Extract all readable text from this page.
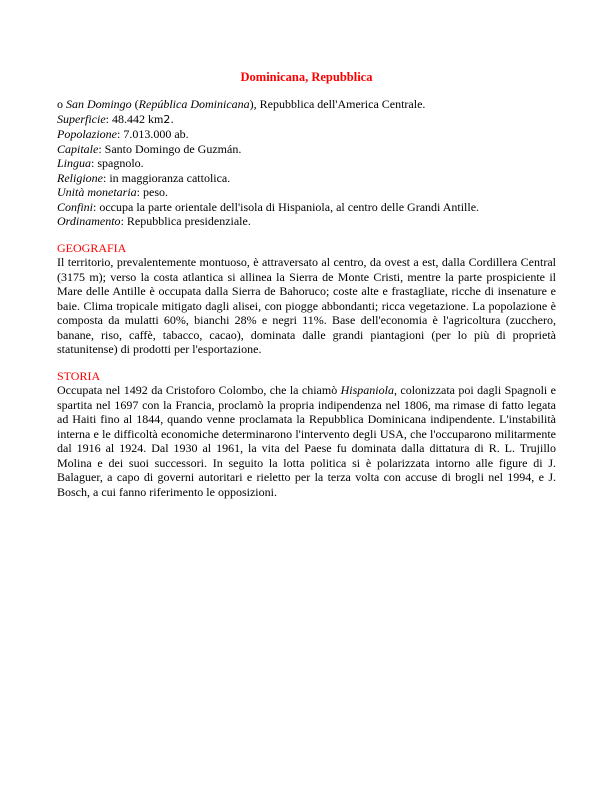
Dominicana, Repubblica

o San Domingo (República Dominicana), Repubblica dell'America Centrale.

Superficie: 48.442 km2.

Popolazione: 7.013.000 ab.

Capitale: Santo Domingo de Guzmán.

Lingua: spagnolo.

Religione: in maggioranza cattolica.

Unità monetaria: peso.

Confini: occupa la parte orientale dell'isola di Hispaniola, al centro delle Grandi Antille.

Ordinamento: Repubblica presidenziale.

GEOGRAFIA

Il territorio, prevalentemente montuoso, è attraversato al centro, da ovest a est, dalla Cordillera Central (3175 m); verso la costa atlantica si allinea la Sierra de Monte Cristi, mentre la parte prospiciente il Mare delle Antille è occupata dalla Sierra de Bahoruco; coste alte e frastagliate, ricche di insenature e baie. Clima tropicale mitigato dagli alisei, con piogge abbondanti; ricca vegetazione. La popolazione è composta da mulatti 60%, bianchi 28% e negri 11%. Base dell'economia è l'agricoltura (zucchero, banane, riso, caffè, tabacco, cacao), dominata dalle grandi piantagioni (per lo più di proprietà statunitense) di prodotti per l'esportazione.

STORIA

Occupata nel 1492 da Cristoforo Colombo, che la chiamò Hispaniola, colonizzata poi dagli Spagnoli e spartita nel 1697 con la Francia, proclamò la propria indipendenza nel 1806, ma rimase di fatto legata ad Haiti fino al 1844, quando venne proclamata la Repubblica Dominicana indipendente. L'instabilità interna e le difficoltà economiche determinarono l'intervento degli USA, che l'occuparono militarmente dal 1916 al 1924. Dal 1930 al 1961, la vita del Paese fu dominata dalla dittatura di R. L. Trujillo Molina e dei suoi successori. In seguito la lotta politica si è polarizzata intorno alle figure di J. Balaguer, a capo di governi autoritari e rieletto per la terza volta con accuse di brogli nel 1994, e J. Bosch, a cui fanno riferimento le opposizioni.
